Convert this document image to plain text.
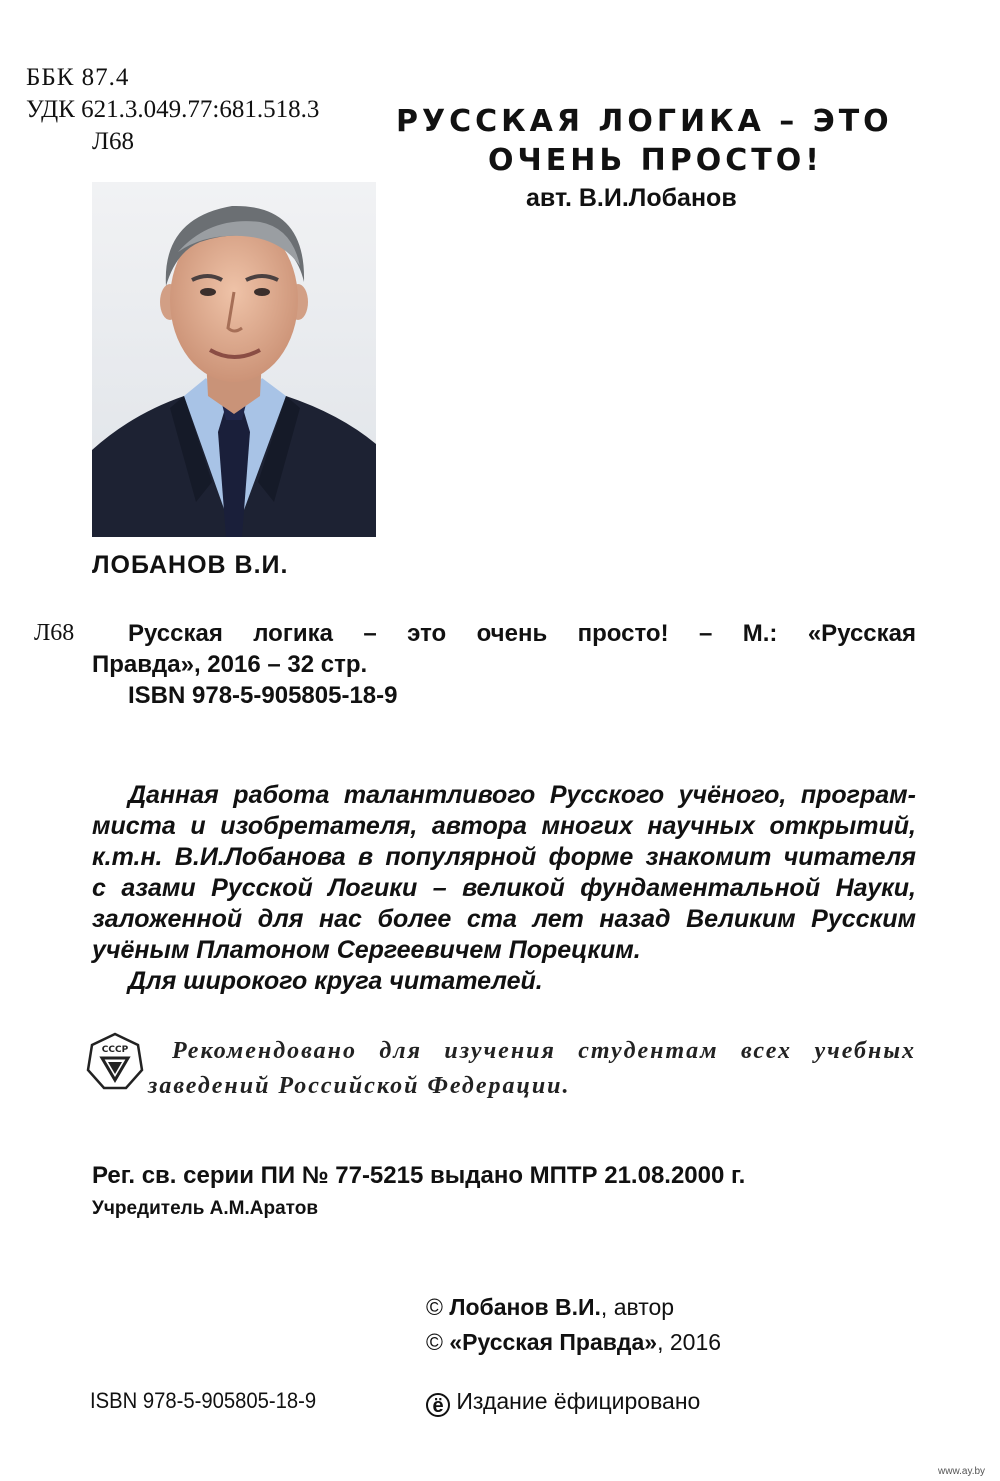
ББК 87.4
УДК 621.3.049.77:681.518.3
Л68
РУССКАЯ ЛОГИКА – ЭТО
ОЧЕНЬ ПРОСТО!
авт. В.И.Лобанов
ЛОБАНОВ В.И.
Л68 Русская логика – это очень просто! – М.: «Русская
Правда», 2016 – 32 стр.
ISBN 978-5-905805-18-9
Данная работа талантливого Русского учёного, програм-
миста и изобретателя, автора многих научных открытий,
к.т.н. В.И.Лобанова в популярной форме знакомит читателя
с азами Русской Логики – великой фундаментальной Науки,
заложенной для нас более ста лет назад Великим Русским
учёным Платоном Сергеевичем Порецким.
Для широкого круга читателей.
СССР Рекомендовано для изучения студентам всех учебных
заведений Российской Федерации.
Рег. св. серии ПИ № 77-5215 выдано МПТР 21.08.2000 г.
Учредитель А.М.Аратов
© Лобанов В.И., автор
© «Русская Правда», 2016
ISBN 978-5-905805-18-9	ё Издание ёфицировано
www.ay.by
